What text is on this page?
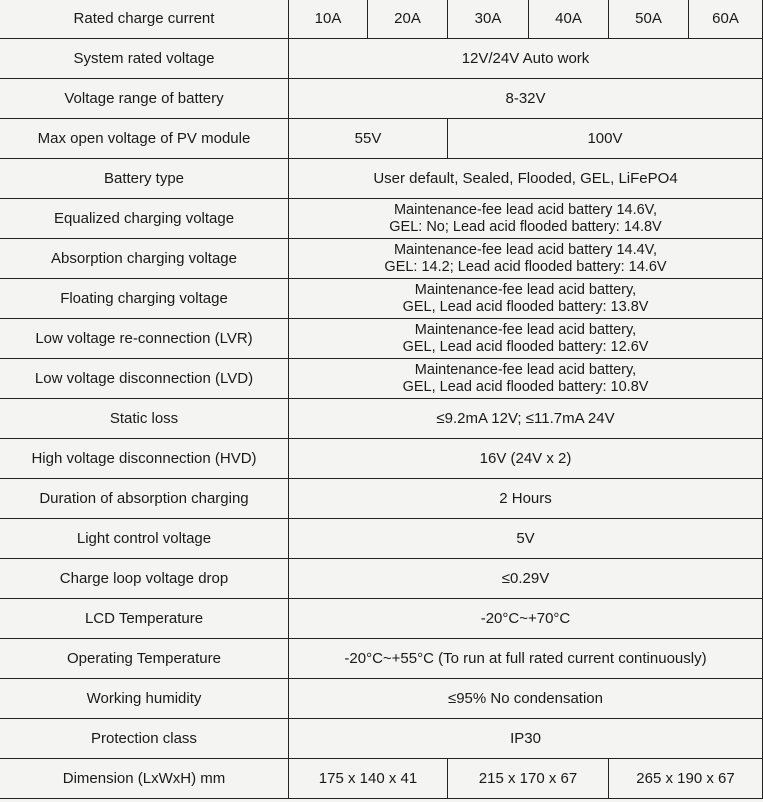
Rated charge current	10A	20A	30A	40A	50A	60A
System rated voltage	12V/24V Auto work					
Voltage range of battery	8-32V					
Max open voltage of PV module	55V		100V			
Battery type	User default, Sealed, Flooded, GEL, LiFePO4					
Equalized charging voltage	Maintenance-fee lead acid battery 14.6V,
GEL: No; Lead acid flooded battery: 14.8V					

Absorption charging voltage	Maintenance-fee lead acid battery 14.4V,
GEL: 14.2; Lead acid flooded battery: 14.6V					

Floating charging voltage	Maintenance-fee lead acid battery,
GEL, Lead acid flooded battery: 13.8V					

Low voltage re-connection (LVR)	Maintenance-fee lead acid battery,
GEL, Lead acid flooded battery: 12.6V					

Low voltage disconnection (LVD)	Maintenance-fee lead acid battery,
GEL, Lead acid flooded battery: 10.8V					

Static loss	≤9.2mA 12V; ≤11.7mA 24V					
High voltage disconnection (HVD)	16V (24V x 2)					
Duration of absorption charging	2 Hours					
Light control voltage	5V					
Charge loop voltage drop	≤0.29V					
LCD Temperature	-20°C~+70°C					
Operating Temperature	-20°C~+55°C (To run at full rated current continuously)					
Working humidity	≤95% No condensation					
Protection class	IP30					
Dimension (LxWxH) mm	175 x 140 x 41		215 x 170 x 67		265 x 190 x 67	
